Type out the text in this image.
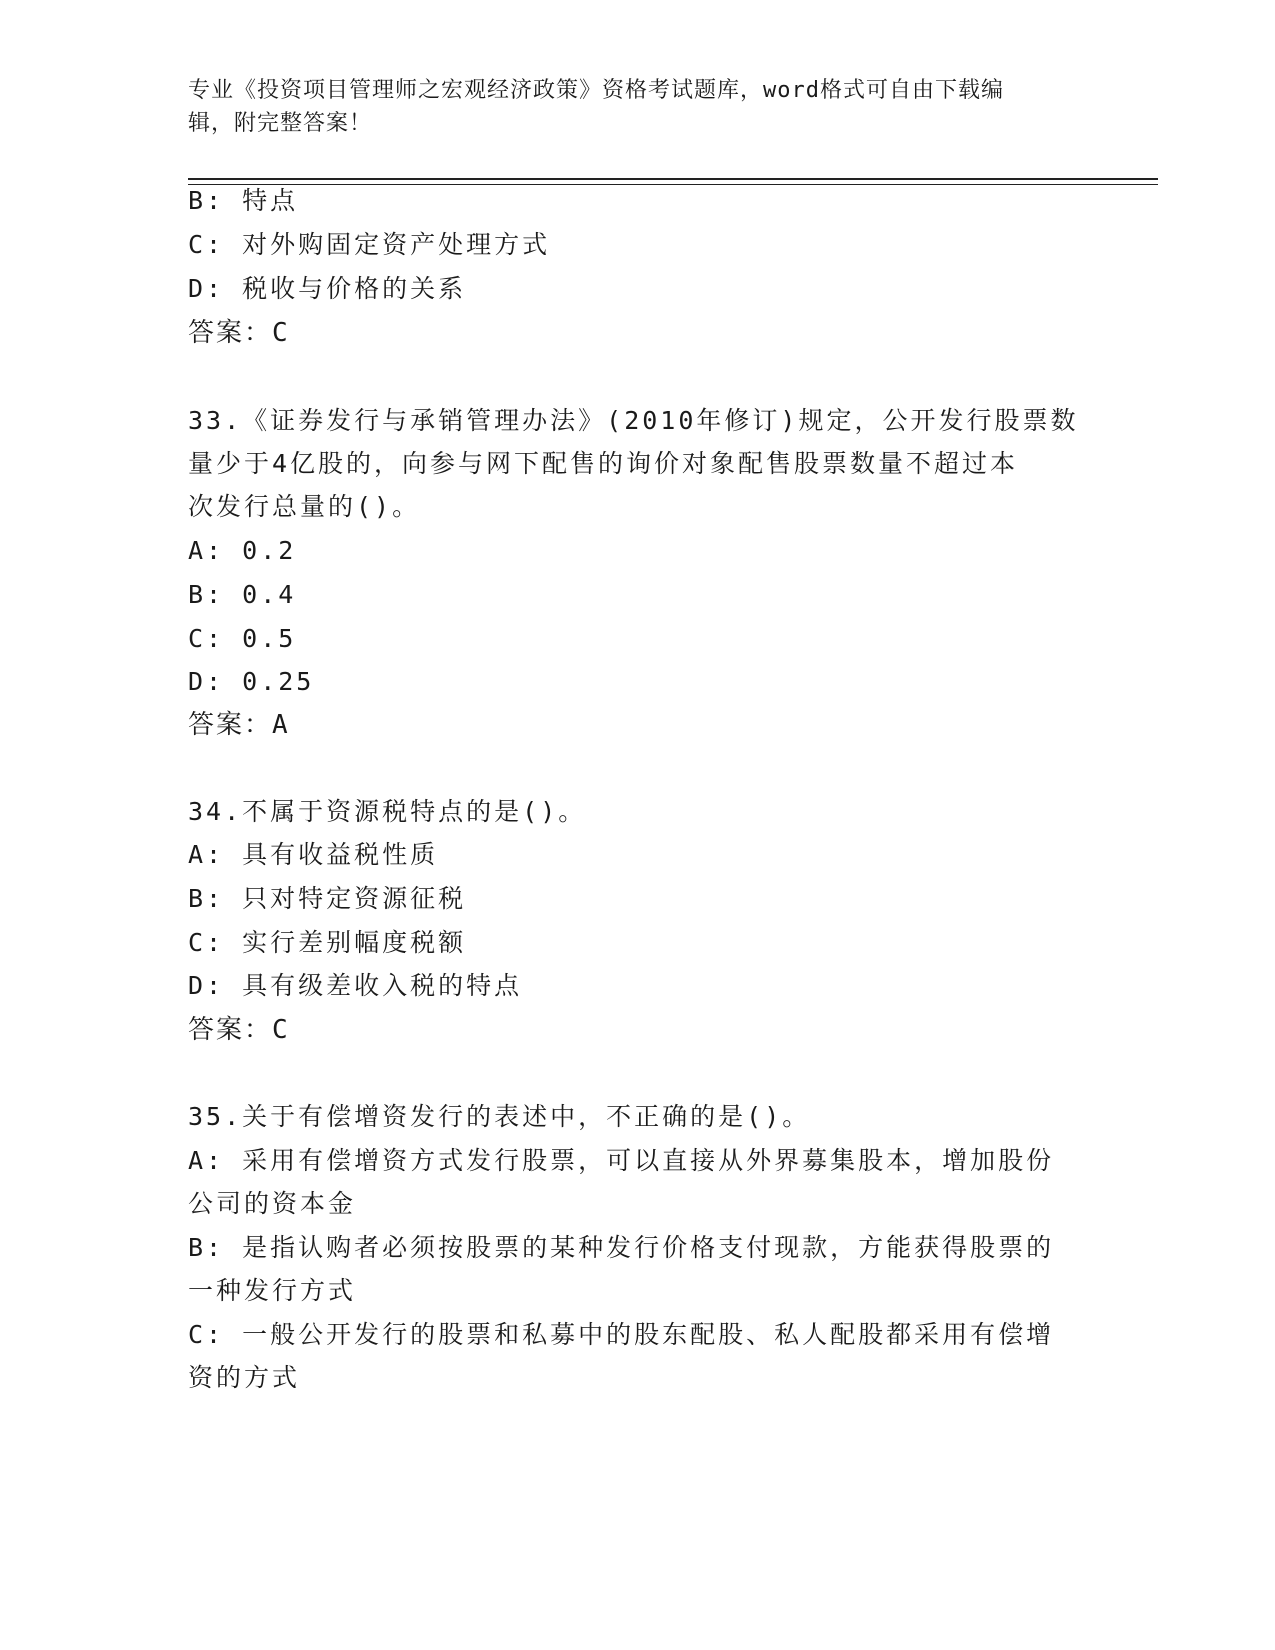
专业《投资项目管理师之宏观经济政策》资格考试题库，word格式可自由下载编
辑，附完整答案！
B: 特点
C: 对外购固定资产处理方式
D: 税收与价格的关系
答案：C
33.《证券发行与承销管理办法》(2010年修订)规定，公开发行股票数
量少于4亿股的，向参与网下配售的询价对象配售股票数量不超过本
次发行总量的()。
A: 0.2
B: 0.4
C: 0.5
D: 0.25
答案：A
34.不属于资源税特点的是()。
A: 具有收益税性质
B: 只对特定资源征税
C: 实行差别幅度税额
D: 具有级差收入税的特点
答案：C
35.关于有偿增资发行的表述中，不正确的是()。
A: 采用有偿增资方式发行股票，可以直接从外界募集股本，增加股份
公司的资本金
B: 是指认购者必须按股票的某种发行价格支付现款，方能获得股票的
一种发行方式
C: 一般公开发行的股票和私募中的股东配股、私人配股都采用有偿增
资的方式
